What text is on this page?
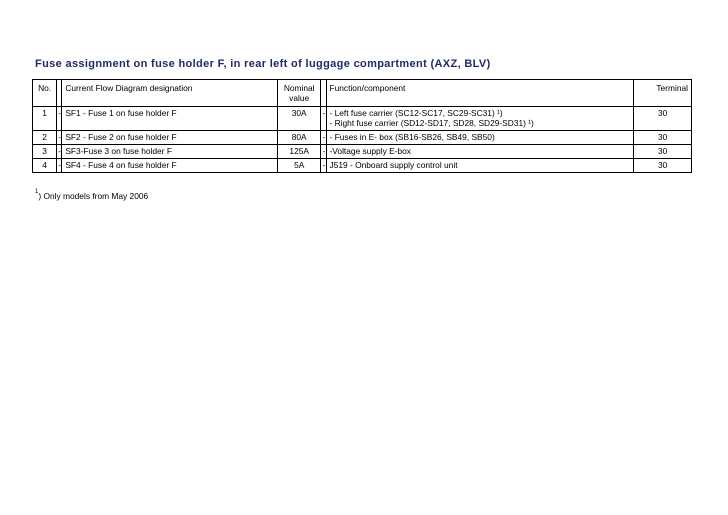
Fuse assignment on fuse holder F, in rear left of luggage compartment (AXZ, BLV)
No.		Current Flow Diagram designation	Nominal
value		Function/component	Terminal
1	-	SF1 - Fuse 1 on fuse holder F	30A	-	- Left fuse carrier (SC12-SC17, SC29-SC31) ¹)
- Right fuse carrier (SD12-SD17, SD28, SD29-SD31) ¹)	30
2	-	SF2 - Fuse 2 on fuse holder F	80A	-	- Fuses in E- box (SB16-SB26, SB49, SB50)	30
3	-	SF3-Fuse 3 on fuse holder F	125A	-	-Voltage supply E-box	30
4	-	SF4 - Fuse 4 on fuse holder F	5A	-	J519 - Onboard supply control unit	30
$^1$) Only models from May 2006
